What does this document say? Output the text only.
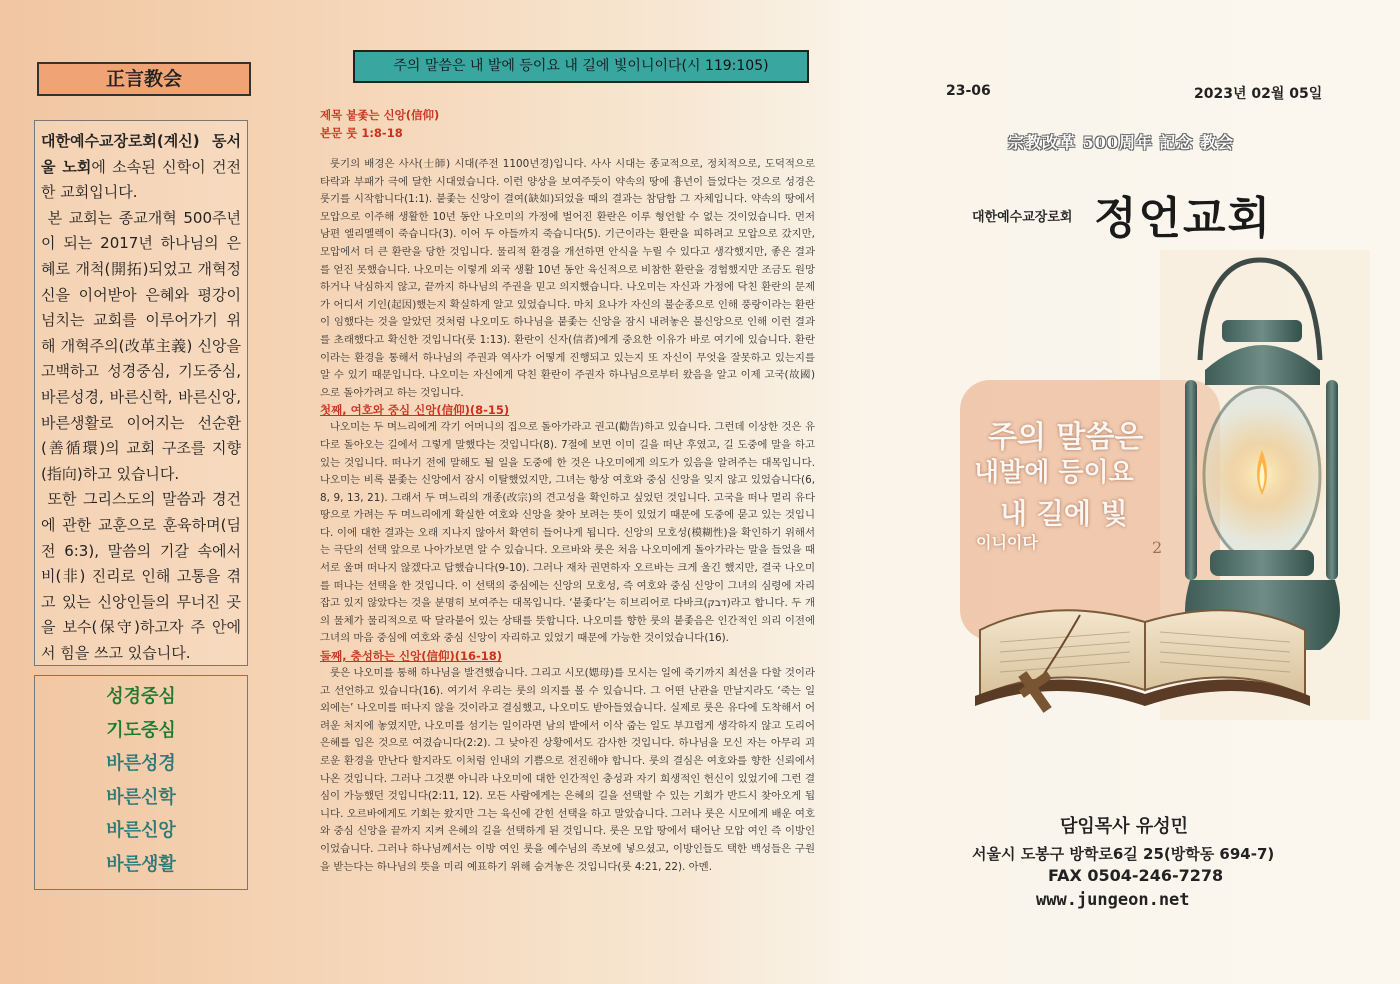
正言教会

대한예수교장로회(계신) 동서울 노회에 소속된 신학이 건전한 교회입니다.

본 교회는 종교개혁 500주년이 되는 2017년 하나님의 은혜로 개척(開拓)되었고 개혁정신을 이어받아 은혜와 평강이 넘치는 교회를 이루어가기 위해 개혁주의(改革主義) 신앙을 고백하고 성경중심, 기도중심, 바른성경, 바른신학, 바른신앙, 바른생활로 이어지는 선순환(善循環)의 교회 구조를 지향(指向)하고 있습니다.

또한 그리스도의 말씀과 경건에 관한 교훈으로 훈육하며(딤전 6:3), 말씀의 기갈 속에서 비(非) 진리로 인해 고통을 겪고 있는 신앙인들의 무너진 곳을 보수(保守)하고자 주 안에서 힘을 쓰고 있습니다.

성경중심
기도중심
바른성경
바른신학
바른신앙
바른생활
주의 말씀은 내 발에 등이요 내 길에 빛이니이다(시 119:105)
제목 붙좇는 신앙(信仰)
본문 룻 1:8-18

룻기의 배경은 사사(士師) 시대(주전 1100년경)입니다. 사사 시대는 종교적으로, 정치적으로, 도덕적으로 타락과 부패가 극에 달한 시대였습니다. 이런 양상을 보여주듯이 약속의 땅에 흉년이 들었다는 것으로 성경은 룻기를 시작합니다(1:1). 붙좇는 신앙이 결여(缺如)되었을 때의 결과는 참담함 그 자체입니다. 약속의 땅에서 모압으로 이주해 생활한 10년 동안 나오미의 가정에 벌어진 환란은 이루 형언할 수 없는 것이었습니다. 먼저 남편 엘리멜렉이 죽습니다(3). 이어 두 아들까지 죽습니다(5). 기근이라는 환란을 피하려고 모압으로 갔지만, 모압에서 더 큰 환란을 당한 것입니다. 물리적 환경을 개선하면 안식을 누릴 수 있다고 생각했지만, 좋은 결과를 얻진 못했습니다. 나오미는 이렇게 외국 생활 10년 동안 육신적으로 비참한 환란을 경험했지만 조금도 원망하거나 낙심하지 않고, 끝까지 하나님의 주권을 믿고 의지했습니다. 나오미는 자신과 가정에 닥친 환란의 문제가 어디서 기인(起因)했는지 확실하게 알고 있었습니다. 마치 요나가 자신의 불순종으로 인해 풍랑이라는 환란이 임했다는 것을 알았던 것처럼 나오미도 하나님을 붙좇는 신앙을 잠시 내려놓은 불신앙으로 인해 이런 결과를 초래했다고 확신한 것입니다(룻 1:13). 환란이 신자(信者)에게 중요한 이유가 바로 여기에 있습니다. 환란이라는 환경을 통해서 하나님의 주권과 역사가 어떻게 진행되고 있는지 또 자신이 무엇을 잘못하고 있는지를 알 수 있기 때문입니다. 나오미는 자신에게 닥친 환란이 주권자 하나님으로부터 왔음을 알고 이제 고국(故國)으로 돌아가려고 하는 것입니다.

첫째, 여호와 중심 신앙(信仰)(8-15)

나오미는 두 며느리에게 각기 어머니의 집으로 돌아가라고 권고(勸告)하고 있습니다. 그런데 이상한 것은 유다로 돌아오는 길에서 그렇게 말했다는 것입니다(8). 7절에 보면 이미 길을 떠난 후였고, 길 도중에 말을 하고 있는 것입니다. 떠나기 전에 말해도 될 일을 도중에 한 것은 나오미에게 의도가 있음을 알려주는 대목입니다. 나오미는 비록 붙좇는 신앙에서 잠시 이탈했었지만, 그녀는 항상 여호와 중심 신앙을 잊지 않고 있었습니다(6, 8, 9, 13, 21). 그래서 두 며느리의 개종(改宗)의 견고성을 확인하고 싶었던 것입니다. 고국을 떠나 멀리 유다 땅으로 가려는 두 며느리에게 확실한 여호와 신앙을 찾아 보려는 뜻이 있었기 때문에 도중에 묻고 있는 것입니다. 이에 대한 결과는 오래 지나지 않아서 확연히 들어나게 됩니다. 신앙의 모호성(模糊性)을 확인하기 위해서는 극단의 선택 앞으로 나아가보면 알 수 있습니다. 오르바와 룻은 처음 나오미에게 돌아가라는 말을 들었을 때 서로 울며 떠나지 않겠다고 답했습니다(9-10). 그러나 재차 권면하자 오르바는 크게 울긴 했지만, 결국 나오미를 떠나는 선택을 한 것입니다. 이 선택의 중심에는 신앙의 모호성, 즉 여호와 중심 신앙이 그녀의 심령에 자리 잡고 있지 않았다는 것을 분명히 보여주는 대목입니다. ‘붙좇다’는 히브리어로 다바크(דבק)라고 합니다. 두 개의 물체가 물리적으로 딱 달라붙어 있는 상태를 뜻합니다. 나오미를 향한 룻의 붙좇음은 인간적인 의리 이전에 그녀의 마음 중심에 여호와 중심 신앙이 자리하고 있었기 때문에 가능한 것이었습니다(16).

둘째, 충성하는 신앙(信仰)(16-18)

룻은 나오미를 통해 하나님을 발견했습니다. 그리고 시모(媤母)를 모시는 일에 죽기까지 최선을 다할 것이라고 선언하고 있습니다(16). 여기서 우리는 룻의 의지를 볼 수 있습니다. 그 어떤 난관을 만날지라도 ‘죽는 일 외에는’ 나오미를 떠나지 않을 것이라고 결심했고, 나오미도 받아들였습니다. 실제로 룻은 유다에 도착해서 어려운 처지에 놓였지만, 나오미를 섬기는 일이라면 남의 밭에서 이삭 줍는 일도 부끄럽게 생각하지 않고 도리어 은혜를 입은 것으로 여겼습니다(2:2). 그 낮아진 상황에서도 감사한 것입니다. 하나님을 모신 자는 아무리 괴로운 환경을 만난다 할지라도 이처럼 인내의 기쁨으로 전진해야 합니다. 룻의 결심은 여호와를 향한 신뢰에서 나온 것입니다. 그러나 그것뿐 아니라 나오미에 대한 인간적인 충성과 자기 희생적인 헌신이 있었기에 그런 결심이 가능했던 것입니다(2:11, 12). 모든 사람에게는 은혜의 길을 선택할 수 있는 기회가 반드시 찾아오게 됩니다. 오르바에게도 기회는 왔지만 그는 육신에 갇힌 선택을 하고 말았습니다. 그러나 룻은 시모에게 배운 여호와 중심 신앙을 끝까지 지켜 은혜의 길을 선택하게 된 것입니다. 룻은 모압 땅에서 태어난 모압 여인 즉 이방인이었습니다. 그러나 하나님께서는 이방 여인 룻을 예수님의 족보에 넣으셨고, 이방인들도 택한 백성들은 구원을 받는다는 하나님의 뜻을 미리 예표하기 위해 숨겨놓은 것입니다(룻 4:21, 22). 아멘.

23-06	2023년 02월 05일
宗教改革 500周年 記念 教会
대한예수교장로회 정언교회
주의 말씀은
내발에 등이요
내 길에 빛
이니이다	2
담임목사 유성민
서울시 도봉구 방학로6길 25(방학동 694-7)
FAX 0504-246-7278
www.jungeon.net
